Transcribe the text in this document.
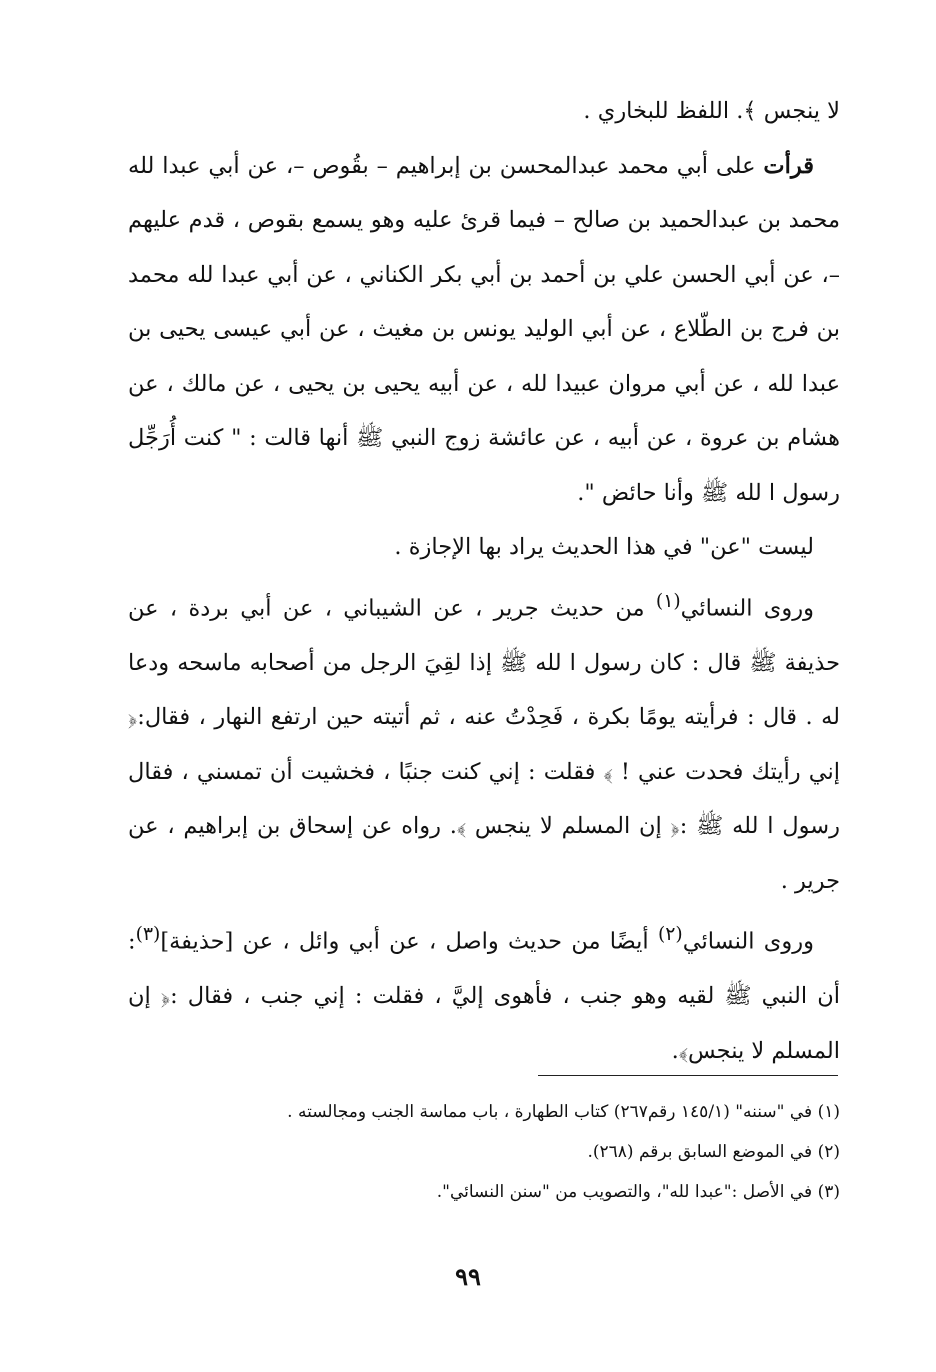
لا ينجس ﴾. اللفظ للبخاري .

قرأت على أبي محمد عبدالمحسن بن إبراهيم – بقُوص –، عن أبي عبدا لله محمد بن عبدالحميد بن صالح – فيما قرئ عليه وهو يسمع بقوص ، قدم عليهم –، عن أبي الحسن علي بن أحمد بن أبي بكر الكناني ، عن أبي عبدا لله محمد بن فرج بن الطّلاع ، عن أبي الوليد يونس بن مغيث ، عن أبي عيسى يحيى بن عبدا لله ، عن أبي مروان عبيدا لله ، عن أبيه يحيى بن يحيى ، عن مالك ، عن هشام بن عروة ، عن أبيه ، عن عائشة زوج النبي ﷺ أنها قالت : " كنت أُرَجِّل رسول ا لله ﷺ وأنا حائض ".

ليست "عن" في هذا الحديث يراد بها الإجازة .

وروى النسائي$^{(١)}$ من حديث جرير ، عن الشيباني ، عن أبي بردة ، عن حذيفة ﷺ قال : كان رسول ا لله ﷺ إذا لقِيَ الرجل من أصحابه ماسحه ودعا له . قال : فرأيته يومًا بكرة ، فَحِدْتُ عنه ، ثم أتيته حين ارتفع النهار ، فقال:﴿ إني رأيتك فحدت عني ! ﴾ فقلت : إني كنت جنبًا ، فخشيت أن تمسني ، فقال رسول ا لله ﷺ :﴿ إن المسلم لا ينجس ﴾. رواه عن إسحاق بن إبراهيم ، عن جرير .

وروى النسائي$^{(٢)}$ أيضًا من حديث واصل ، عن أبي وائل ، عن [حذيفة]$^{(٣)}$: أن النبي ﷺ لقيه وهو جنب ، فأهوى إليَّ ، فقلت : إني جنب ، فقال :﴿ إن المسلم لا ينجس﴾.

(١) في "سننه" (١٤٥/١ رقم٢٦٧) كتاب الطهارة ، باب مماسة الجنب ومجالسته .

(٢) في الموضع السابق برقم (٢٦٨).

(٣) في الأصل :"عبدا لله"، والتصويب من "سنن النسائي".

٩٩
